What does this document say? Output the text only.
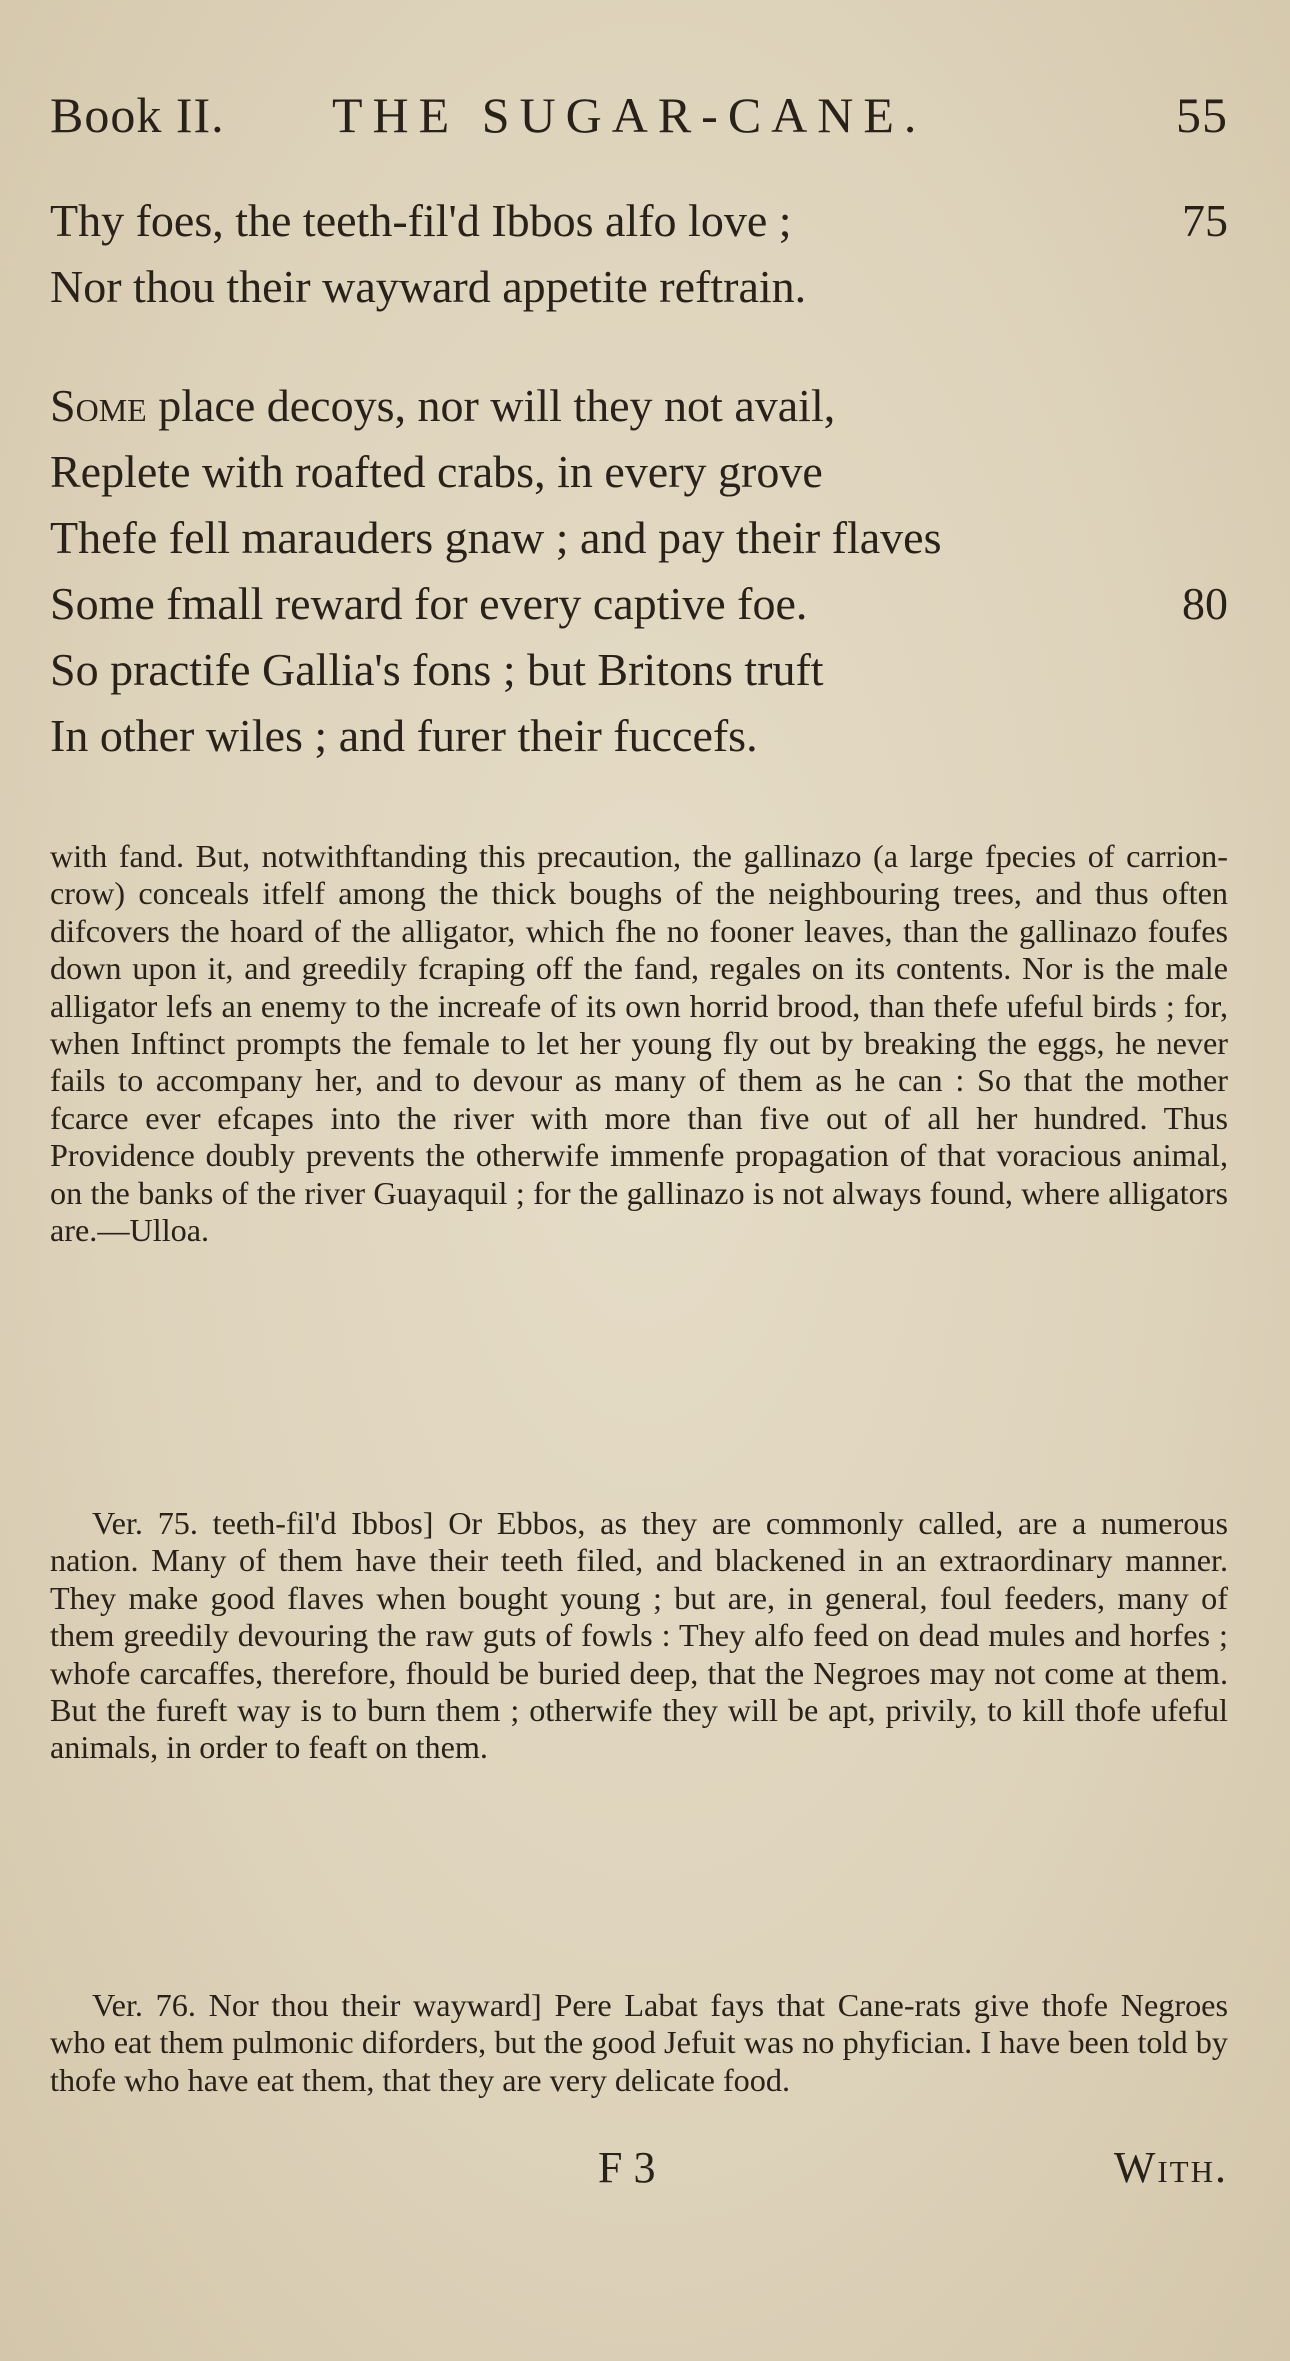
Book II. THE SUGAR-CANE.	55
Thy foes, the teeth-fil'd Ibbos alfo love ;	75
Nor thou their wayward appetite reftrain.
Some place decoys, nor will they not avail,
Replete with roafted crabs, in every grove
Thefe fell marauders gnaw ; and pay their flaves
Some fmall reward for every captive foe.	80
So practife Gallia's fons ; but Britons truft
In other wiles ; and furer their fuccefs.
with fand. But, notwithftanding this precaution, the gallinazo (a large fpecies of carrion-crow) conceals itfelf among the thick boughs of the neighbouring trees, and thus often difcovers the hoard of the alligator, which fhe no fooner leaves, than the gallinazo foufes down upon it, and greedily fcraping off the fand, regales on its contents. Nor is the male alligator lefs an enemy to the increafe of its own horrid brood, than thefe ufeful birds ; for, when Inftinct prompts the female to let her young fly out by breaking the eggs, he never fails to accompany her, and to devour as many of them as he can : So that the mother fcarce ever efcapes into the river with more than five out of all her hundred. Thus Providence doubly prevents the otherwife immenfe propagation of that voracious animal, on the banks of the river Guayaquil ; for the gallinazo is not always found, where alligators are.—Ulloa.
Ver. 75. teeth-fil'd Ibbos] Or Ebbos, as they are commonly called, are a numerous nation. Many of them have their teeth filed, and blackened in an extraordinary manner. They make good flaves when bought young ; but are, in general, foul feeders, many of them greedily devouring the raw guts of fowls : They alfo feed on dead mules and horfes ; whofe carcaffes, therefore, fhould be buried deep, that the Negroes may not come at them. But the fureft way is to burn them ; otherwife they will be apt, privily, to kill thofe ufeful animals, in order to feaft on them.
Ver. 76. Nor thou their wayward] Pere Labat fays that Cane-rats give thofe Negroes who eat them pulmonic diforders, but the good Jefuit was no phyfician. I have been told by thofe who have eat them, that they are very delicate food.
F 3	With.
